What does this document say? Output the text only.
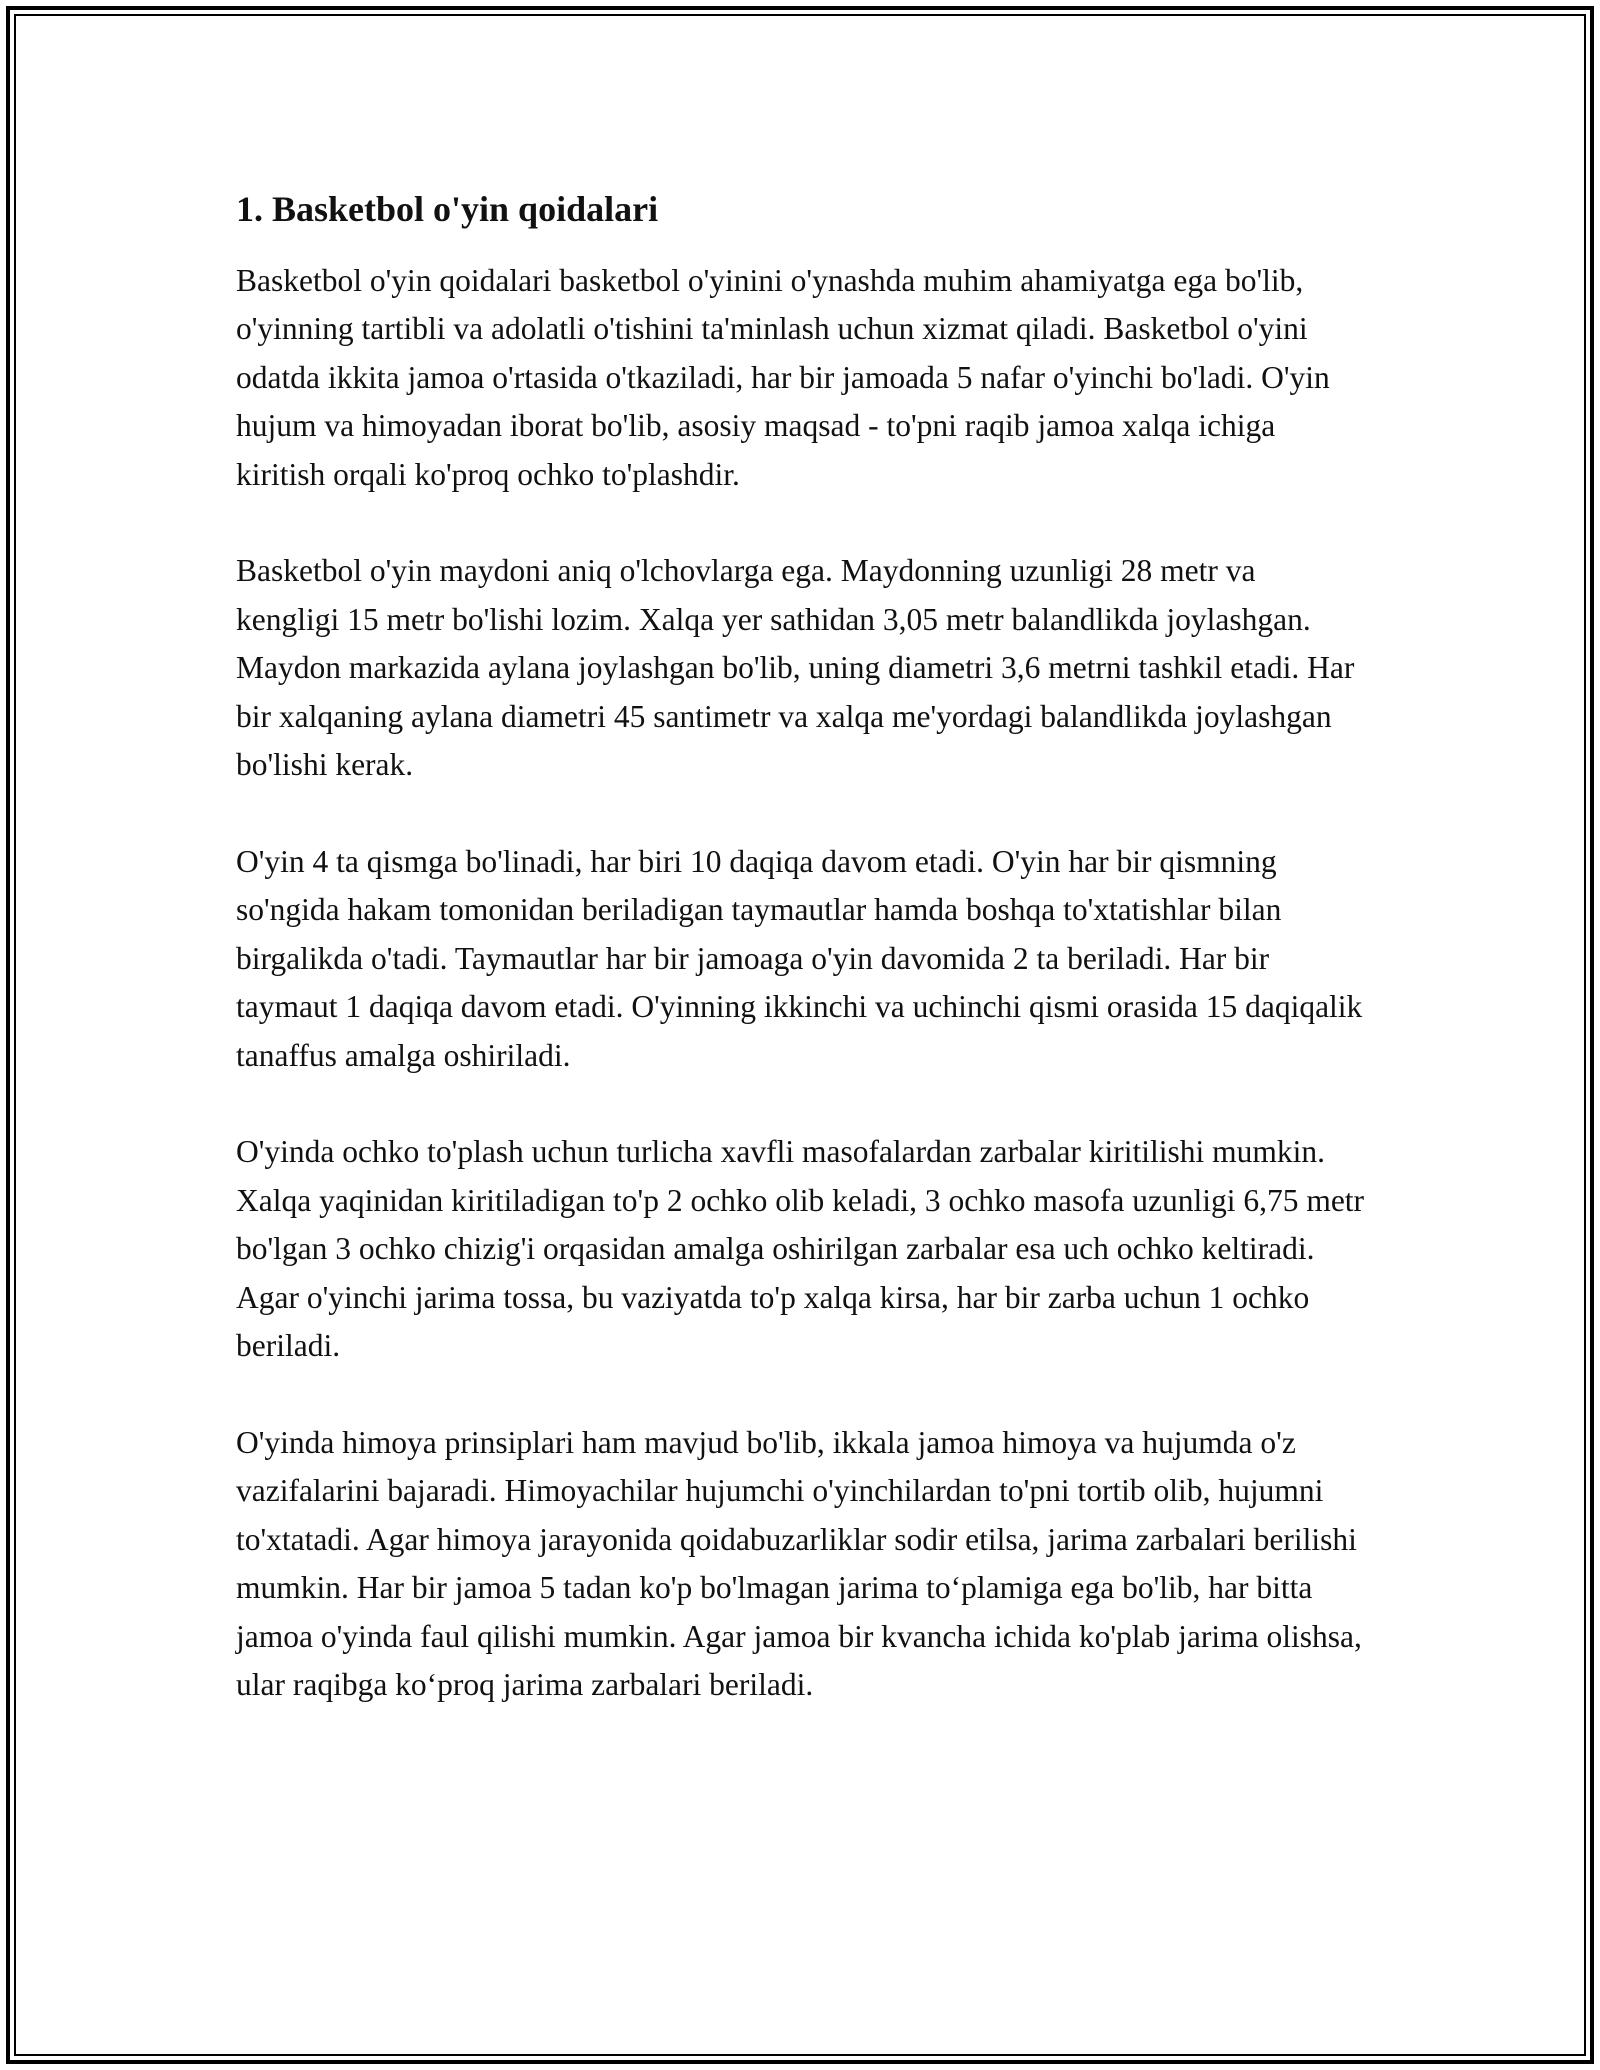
1. Basketbol o'yin qoidalari

Basketbol o'yin qoidalari basketbol o'yinini o'ynashda muhim ahamiyatga ega bo'lib, o'yinning tartibli va adolatli o'tishini ta'minlash uchun xizmat qiladi. Basketbol o'yini odatda ikkita jamoa o'rtasida o'tkaziladi, har bir jamoada 5 nafar o'yinchi bo'ladi. O'yin hujum va himoyadan iborat bo'lib, asosiy maqsad - to'pni raqib jamoa xalqa ichiga kiritish orqali ko'proq ochko to'plashdir.

Basketbol o'yin maydoni aniq o'lchovlarga ega. Maydonning uzunligi 28 metr va kengligi 15 metr bo'lishi lozim. Xalqa yer sathidan 3,05 metr balandlikda joylashgan. Maydon markazida aylana joylashgan bo'lib, uning diametri 3,6 metrni tashkil etadi. Har bir xalqaning aylana diametri 45 santimetr va xalqa me'yordagi balandlikda joylashgan bo'lishi kerak.

O'yin 4 ta qismga bo'linadi, har biri 10 daqiqa davom etadi. O'yin har bir qismning so'ngida hakam tomonidan beriladigan taymautlar hamda boshqa to'xtatishlar bilan birgalikda o'tadi. Taymautlar har bir jamoaga o'yin davomida 2 ta beriladi. Har bir taymaut 1 daqiqa davom etadi. O'yinning ikkinchi va uchinchi qismi orasida 15 daqiqalik tanaffus amalga oshiriladi.

O'yinda ochko to'plash uchun turlicha xavfli masofalardan zarbalar kiritilishi mumkin. Xalqa yaqinidan kiritiladigan to'p 2 ochko olib keladi, 3 ochko masofa uzunligi 6,75 metr bo'lgan 3 ochko chizig'i orqasidan amalga oshirilgan zarbalar esa uch ochko keltiradi. Agar o'yinchi jarima tossa, bu vaziyatda to'p xalqa kirsa, har bir zarba uchun 1 ochko beriladi.

O'yinda himoya prinsiplari ham mavjud bo'lib, ikkala jamoa himoya va hujumda o'z vazifalarini bajaradi. Himoyachilar hujumchi o'yinchilardan to'pni tortib olib, hujumni to'xtatadi. Agar himoya jarayonida qoidabuzarliklar sodir etilsa, jarima zarbalari berilishi mumkin. Har bir jamoa 5 tadan ko'p bo'lmagan jarima to‘plamiga ega bo'lib, har bitta jamoa o'yinda faul qilishi mumkin. Agar jamoa bir kvancha ichida ko'plab jarima olishsa, ular raqibga ko‘proq jarima zarbalari beriladi.
